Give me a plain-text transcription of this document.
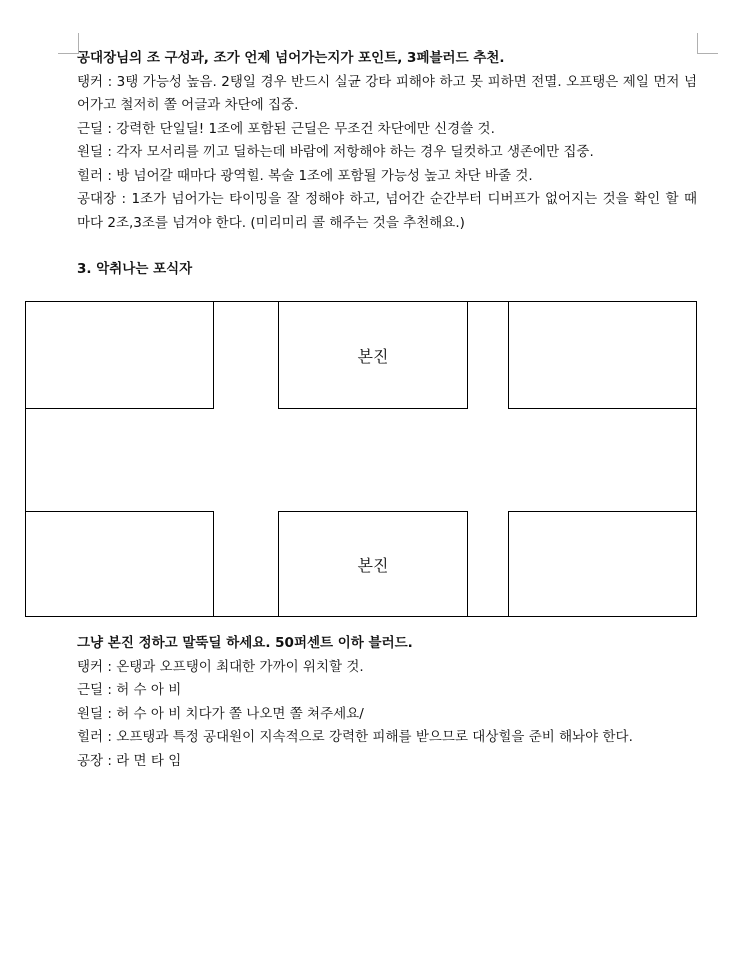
공대장님의 조 구성과, 조가 언제 넘어가는지가 포인트, 3페블러드 추천.
탱커 : 3탱 가능성 높음. 2탱일 경우 반드시 실균 강타 피해야 하고 못 피하면 전멸. 오프탱은 제일 먼저 넘어가고 철저히 쫄 어글과 차단에 집중.
근딜 : 강력한 단일딜! 1조에 포함된 근딜은 무조건 차단에만 신경쓸 것.
원딜 : 각자 모서리를 끼고 딜하는데 바람에 저항해야 하는 경우 딜컷하고 생존에만 집중.
힐러 : 방 넘어갈 때마다 광역힐. 복술 1조에 포함될 가능성 높고 차단 바줄 것.
공대장 : 1조가 넘어가는 타이밍을 잘 정해야 하고, 넘어간 순간부터 디버프가 없어지는 것을 확인 할 때 마다 2조,3조를 넘겨야 한다. (미리미리 콜 해주는 것을 추천해요.)
3. 악취나는 포식자
본진
본진
그냥 본진 정하고 말뚝딜 하세요. 50퍼센트 이하 블러드.
탱커 : 온탱과 오프탱이 최대한 가까이 위치할 것.
근딜 : 허 수 아 비
원딜 : 허 수 아 비 치다가 쫄 나오면 쫄 쳐주세요/
힐러 : 오프탱과 특정 공대원이 지속적으로 강력한 피해를 받으므로 대상힐을 준비 해놔야 한다.
공장 : 라 면 타 임
